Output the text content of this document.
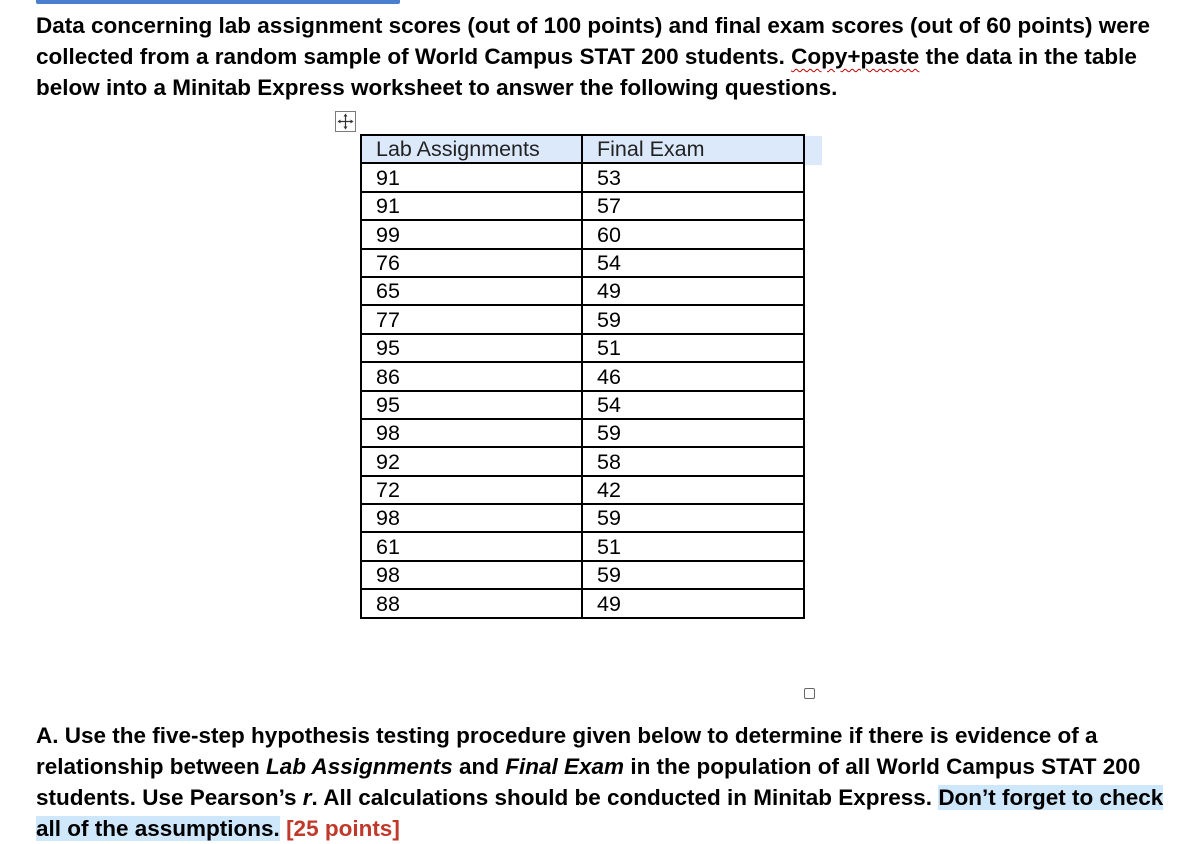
Data concerning lab assignment scores (out of 100 points) and final exam scores (out of 60 points) were collected from a random sample of World Campus STAT 200 students. Copy+paste the data in the table below into a Minitab Express worksheet to answer the following questions.

Lab Assignments	Final Exam
91	53
91	57
99	60
76	54
65	49
77	59
95	51
86	46
95	54
98	59
92	58
72	42
98	59
61	51
98	59
88	49

A. Use the five-step hypothesis testing procedure given below to determine if there is evidence of a relationship between Lab Assignments and Final Exam in the population of all World Campus STAT 200 students. Use Pearson’s r. All calculations should be conducted in Minitab Express. Don’t forget to check all of the assumptions. [25 points]
